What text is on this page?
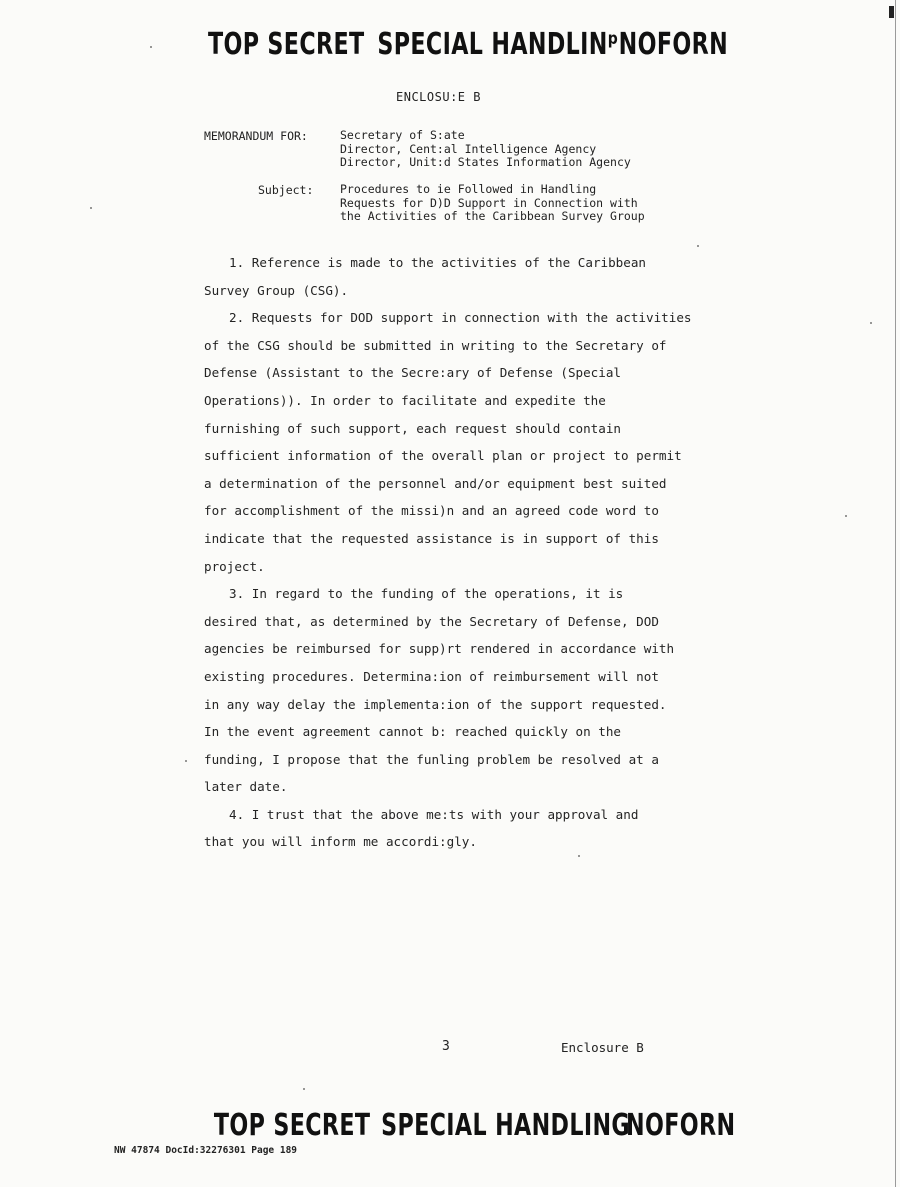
TOP SECRET SPECIAL HANDLINᵖ NOFORN
ENCLOSU:E B
MEMORANDUM FOR:	Secretary of S:ate
Director, Cent:al Intelligence Agency
Director, Unit:d States Information Agency
Subject: Procedures to ie Followed in Handling
Requests for D)D Support in Connection with
the Activities of the Caribbean Survey Group
1. Reference is made to the activities of the Caribbean
Survey Group (CSG).
2. Requests for DOD support in connection with the activities
of the CSG should be submitted in writing to the Secretary of
Defense (Assistant to the Secre:ary of Defense (Special
Operations)). In order to facilitate and expedite the
furnishing of such support, each request should contain
sufficient information of the overall plan or project to permit
a determination of the personnel and/or equipment best suited
for accomplishment of the missi)n and an agreed code word to
indicate that the requested assistance is in support of this
project.
3. In regard to the funding of the operations, it is
desired that, as determined by the Secretary of Defense, DOD
agencies be reimbursed for supp)rt rendered in accordance with
existing procedures. Determina:ion of reimbursement will not
in any way delay the implementa:ion of the support requested.
In the event agreement cannot b: reached quickly on the
funding, I propose that the funling problem be resolved at a
later date.
4. I trust that the above me:ts with your approval and
that you will inform me accordi:gly.
3	Enclosure B
TOP SECRET SPECIAL HANDLING
NOFORN
NW 47874 DocId:32276301 Page 189
